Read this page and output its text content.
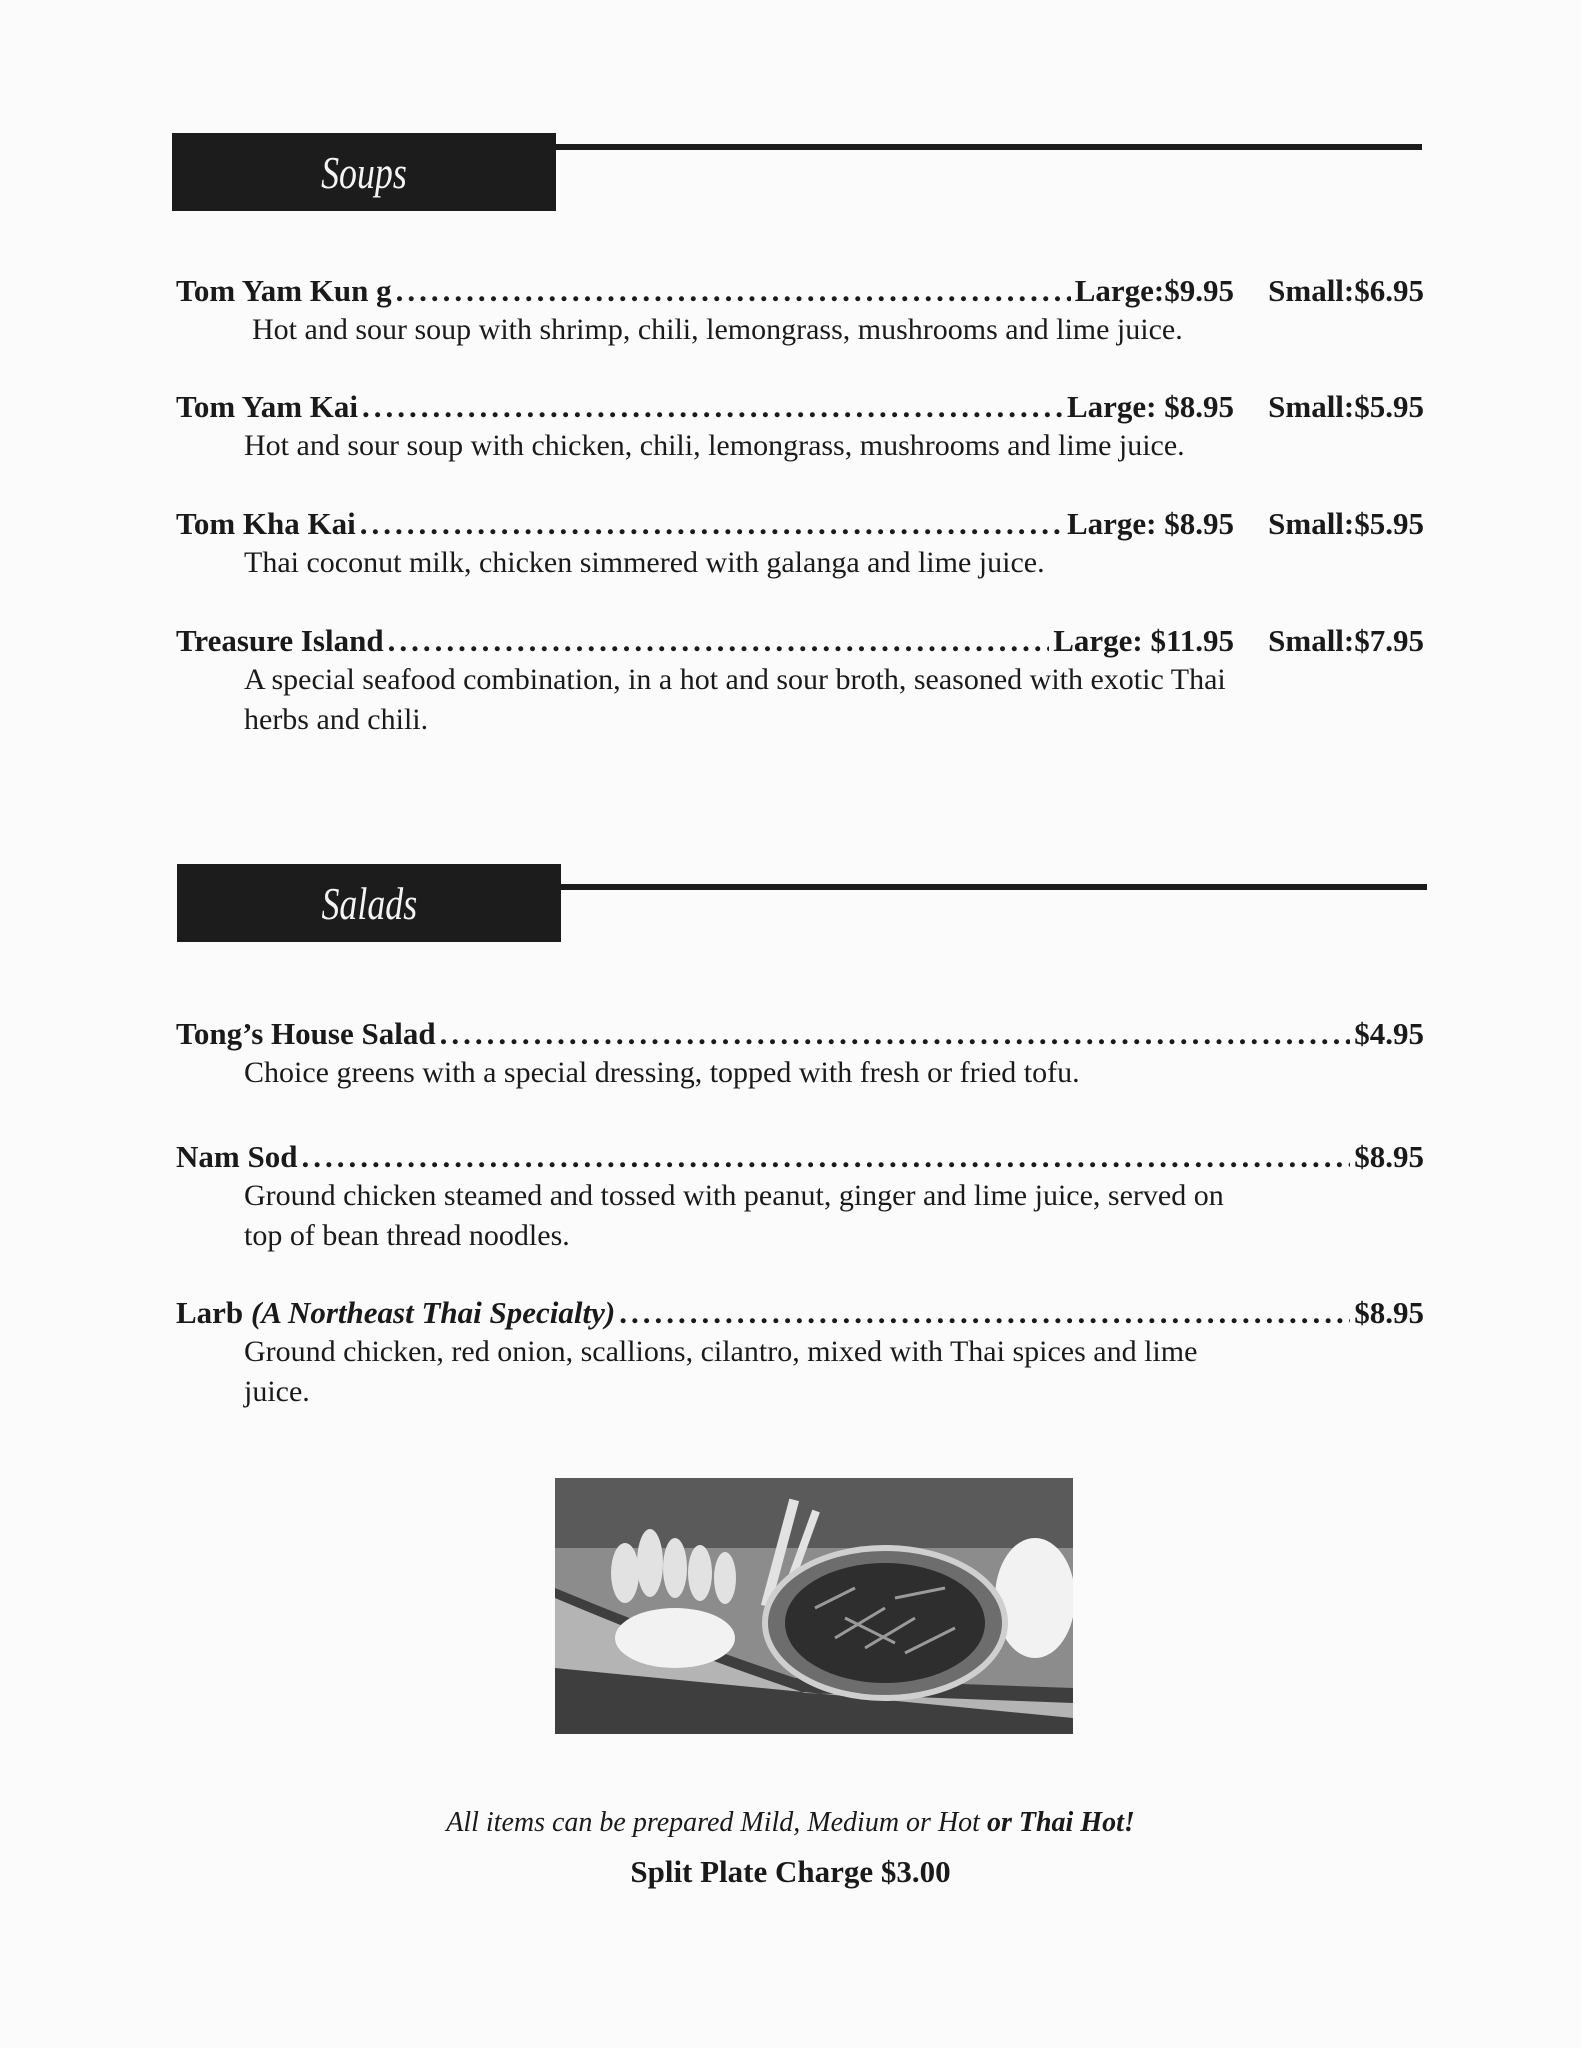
Soups
Tom Yam Kun g .....	Large:$9.95	Small:$6.95
Hot and sour soup with shrimp, chili, lemongrass, mushrooms and lime juice.
Tom Yam Kai .....	Large: $8.95	Small:$5.95
Hot and sour soup with chicken, chili, lemongrass, mushrooms and lime juice.
Tom Kha Kai .....	Large: $8.95	Small:$5.95
Thai coconut milk, chicken simmered with galanga and lime juice.
Treasure Island .....	Large: $11.95	Small:$7.95
A special seafood combination, in a hot and sour broth, seasoned with exotic Thai herbs and chili.
Salads
Tong’s House Salad .....	$4.95
Choice greens with a special dressing, topped with fresh or fried tofu.
Nam Sod .....	$8.95
Ground chicken steamed and tossed with peanut, ginger and lime juice, served on top of bean thread noodles.
Larb (A Northeast Thai Specialty) .....	$8.95
Ground chicken, red onion, scallions, cilantro, mixed with Thai spices and lime juice.
All items can be prepared Mild, Medium or Hot or Thai Hot!
Split Plate Charge $3.00
